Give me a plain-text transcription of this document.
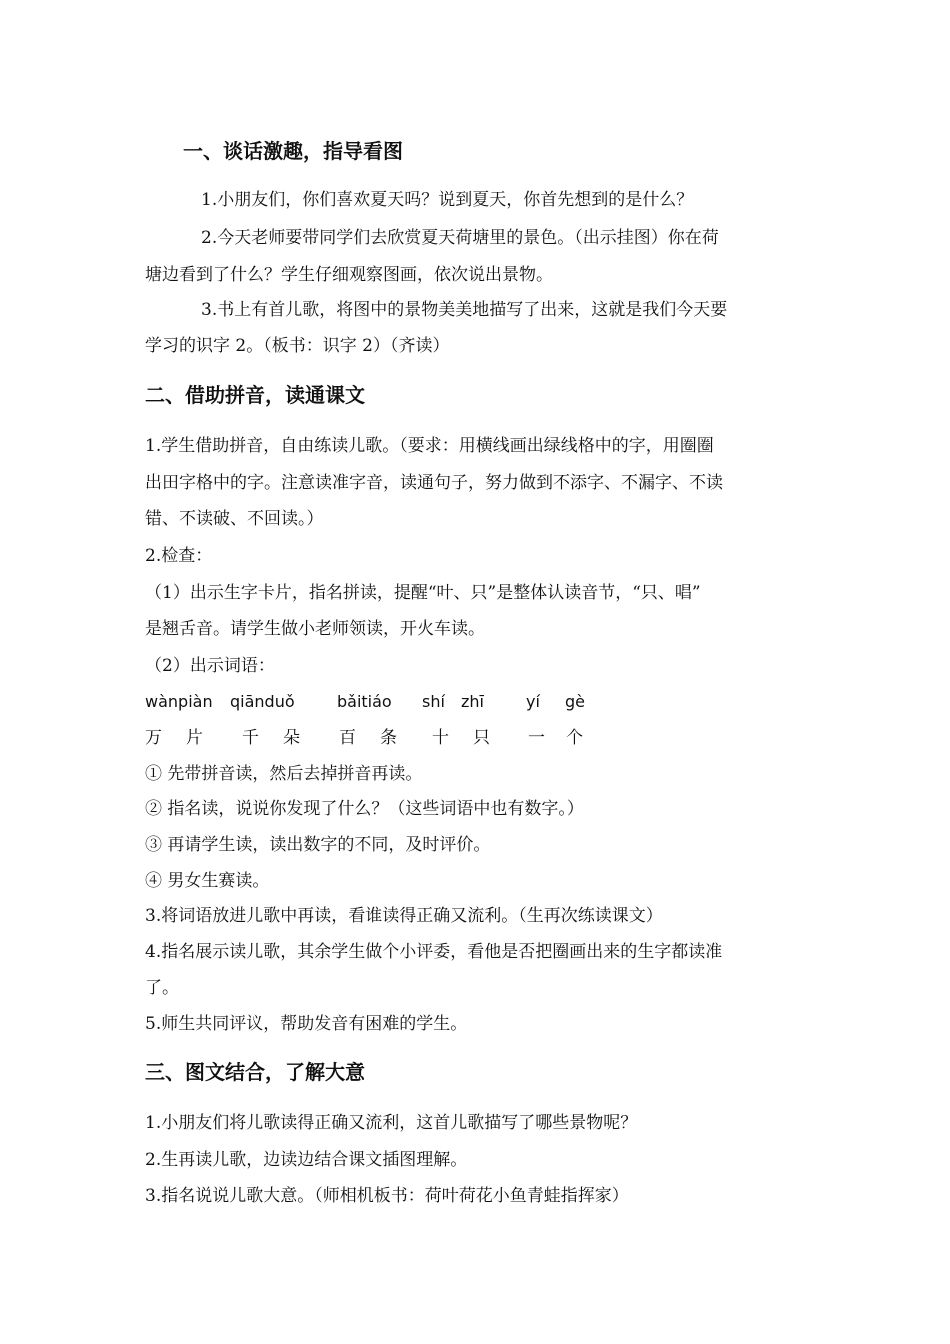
一、谈话激趣，指导看图
1.小朋友们，你们喜欢夏天吗？说到夏天，你首先想到的是什么？
2.今天老师要带同学们去欣赏夏天荷塘里的景色。（出示挂图）你在荷
塘边看到了什么？学生仔细观察图画，依次说出景物。
3.书上有首儿歌，将图中的景物美美地描写了出来，这就是我们今天要
学习的识字 2。（板书：识字 2）（齐读）
二、借助拼音，读通课文
1.学生借助拼音，自由练读儿歌。（要求：用横线画出绿线格中的字，用圈圈
出田字格中的字。注意读准字音，读通句子，努力做到不添字、不漏字、不读
错、不读破、不回读。）
2.检查：
（1）出示生字卡片，指名拼读，提醒“叶、只”是整体认读音节，“只、唱”
是翘舌音。请学生做小老师领读，开火车读。
（2）出示词语：
wànpiàn qiānduǒ	bǎitiáo shí zhī	yí gè
万 片 千 朵 百 条 十 只 一 个
① 先带拼音读，然后去掉拼音再读。
② 指名读，说说你发现了什么？（这些词语中也有数字。）
③ 再请学生读，读出数字的不同，及时评价。
④ 男女生赛读。
3.将词语放进儿歌中再读，看谁读得正确又流利。（生再次练读课文）
4.指名展示读儿歌，其余学生做个小评委，看他是否把圈画出来的生字都读准
了。
5.师生共同评议，帮助发音有困难的学生。
三、图文结合，了解大意
1.小朋友们将儿歌读得正确又流利，这首儿歌描写了哪些景物呢？
2.生再读儿歌，边读边结合课文插图理解。
3.指名说说儿歌大意。（师相机板书：荷叶荷花小鱼青蛙指挥家）
